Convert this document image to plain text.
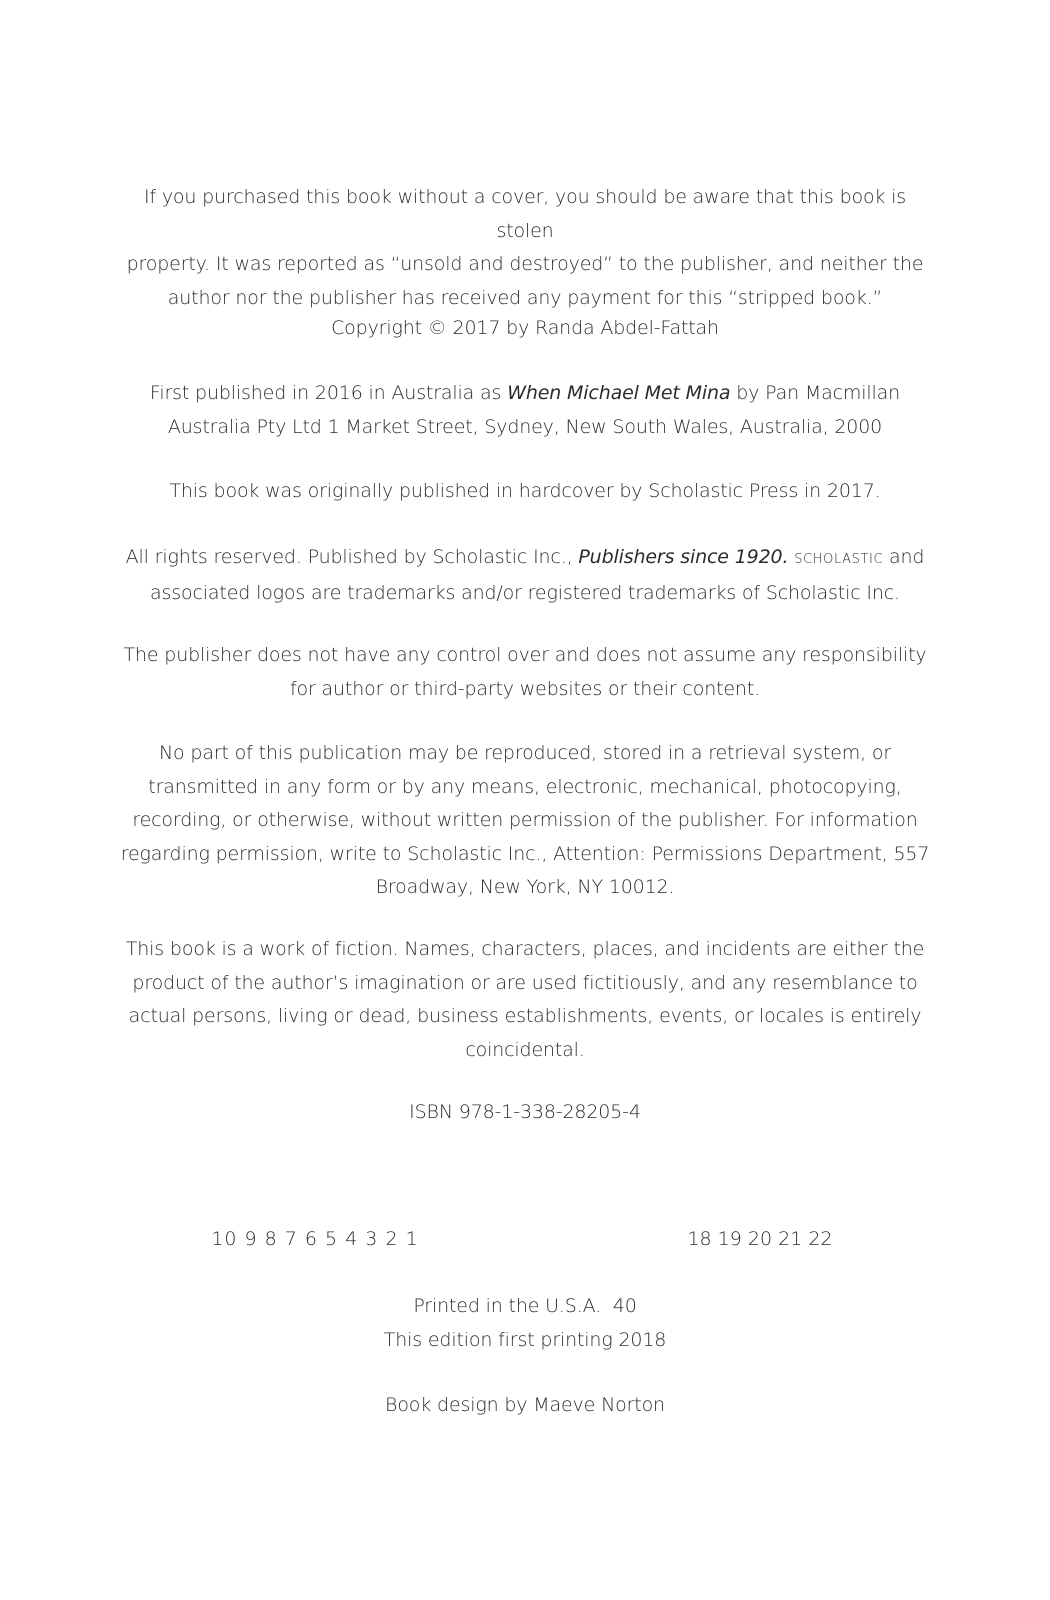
If you purchased this book without a cover, you should be aware that this book is stolen

property. It was reported as “unsold and destroyed” to the publisher, and neither the

author nor the publisher has received any payment for this “stripped book.”

Copyright © 2017 by Randa Abdel-Fattah

First published in 2016 in Australia as When Michael Met Mina by Pan Macmillan

Australia Pty Ltd 1 Market Street, Sydney, New South Wales, Australia, 2000

This book was originally published in hardcover by Scholastic Press in 2017.

All rights reserved. Published by Scholastic Inc., Publishers since 1920. SCHOLASTIC and

associated logos are trademarks and/or registered trademarks of Scholastic Inc.

The publisher does not have any control over and does not assume any responsibility

for author or third-party websites or their content.

No part of this publication may be reproduced, stored in a retrieval system, or

transmitted in any form or by any means, electronic, mechanical, photocopying,

recording, or otherwise, without written permission of the publisher. For information

regarding permission, write to Scholastic Inc., Attention: Permissions Department, 557

Broadway, New York, NY 10012.

This book is a work of fiction. Names, characters, places, and incidents are either the

product of the author’s imagination or are used fictitiously, and any resemblance to

actual persons, living or dead, business establishments, events, or locales is entirely

coincidental.

ISBN 978-1-338-28205-4

10 9 8 7 6 5 4 3 2 1	18 19 20 21 22

Printed in the U.S.A.  40

This edition first printing 2018

Book design by Maeve Norton
